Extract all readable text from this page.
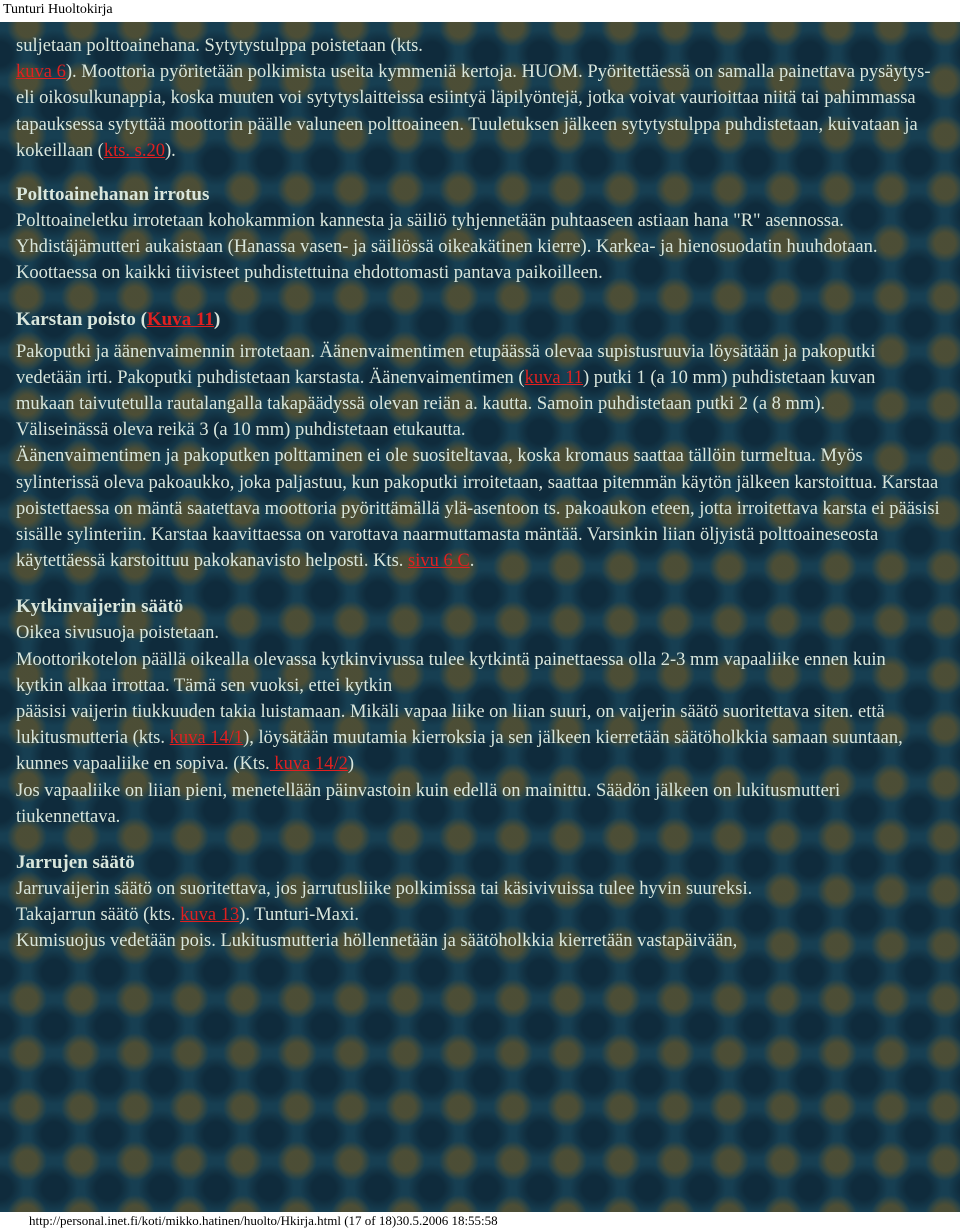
Tunturi Huoltokirja

suljetaan polttoainehana. Sytytystulppa poistetaan (kts.
kuva 6). Moottoria pyöritetään polkimista useita kymmeniä kertoja. HUOM. Pyöritettäessä on samalla painettava pysäytys- eli oikosulkunappia, koska muuten voi sytytyslaitteissa esiintyä läpilyöntejä, jotka voivat vaurioittaa niitä tai pahimmassa tapauksessa sytyttää moottorin päälle valuneen polttoaineen. Tuuletuksen jälkeen sytytystulppa puhdistetaan, kuivataan ja kokeillaan (kts. s.20).

Polttoainehanan irrotus

Polttoaineletku irrotetaan kohokammion kannesta ja säiliö tyhjennetään puhtaaseen astiaan hana "R" asennossa.

Yhdistäjämutteri aukaistaan (Hanassa vasen- ja säiliössä oikeakätinen kierre). Karkea- ja hienosuodatin huuhdotaan. Koottaessa on kaikki tiivisteet puhdistettuina ehdottomasti pantava paikoilleen.

Karstan poisto (Kuva 11)

Pakoputki ja äänenvaimennin irrotetaan. Äänenvaimentimen etupäässä olevaa supistusruuvia löysätään ja pakoputki

vedetään irti. Pakoputki puhdistetaan karstasta. Äänenvaimentimen (kuva 11) putki 1 (a 10 mm) puhdistetaan kuvan

mukaan taivutetulla rautalangalla takapäädyssä olevan reiän a. kautta. Samoin puhdistetaan putki 2 (a 8 mm).

Väliseinässä oleva reikä 3 (a 10 mm) puhdistetaan etukautta.

Äänenvaimentimen ja pakoputken polttaminen ei ole suositeltavaa, koska kromaus saattaa tällöin turmeltua. Myös sylinterissä oleva pakoaukko, joka paljastuu, kun pakoputki irroitetaan, saattaa pitemmän käytön jälkeen karstoittua. Karstaa poistettaessa on mäntä saatettava moottoria pyörittämällä ylä-asentoon ts. pakoaukon eteen, jotta irroitettava karsta ei pääsisi sisälle sylinteriin. Karstaa kaavittaessa on varottava naarmuttamasta mäntää. Varsinkin liian öljyistä polttoaineseosta käytettäessä karstoittuu pakokanavisto helposti. Kts. sivu 6 C.

Kytkinvaijerin säätö

Oikea sivusuoja poistetaan.

Moottorikotelon päällä oikealla olevassa kytkinvivussa tulee kytkintä painettaessa olla 2-3 mm vapaaliike ennen kuin

kytkin alkaa irrottaa. Tämä sen vuoksi, ettei kytkin

pääsisi vaijerin tiukkuuden takia luistamaan. Mikäli vapaa liike on liian suuri, on vaijerin säätö suoritettava siten. että lukitusmutteria (kts. kuva 14/1), löysätään muutamia kierroksia ja sen jälkeen kierretään säätöholkkia samaan suuntaan, kunnes vapaaliike en sopiva. (Kts. kuva 14/2)

Jos vapaaliike on liian pieni, menetellään päinvastoin kuin edellä on mainittu. Säädön jälkeen on lukitusmutteri tiukennettava.

Jarrujen säätö

Jarruvaijerin säätö on suoritettava, jos jarrutusliike polkimissa tai käsivivuissa tulee hyvin suureksi.

Takajarrun säätö (kts. kuva 13). Tunturi-Maxi.

Kumisuojus vedetään pois. Lukitusmutteria höllennetään ja säätöholkkia kierretään vastapäivään,

http://personal.inet.fi/koti/mikko.hatinen/huolto/Hkirja.html (17 of 18)30.5.2006 18:55:58
